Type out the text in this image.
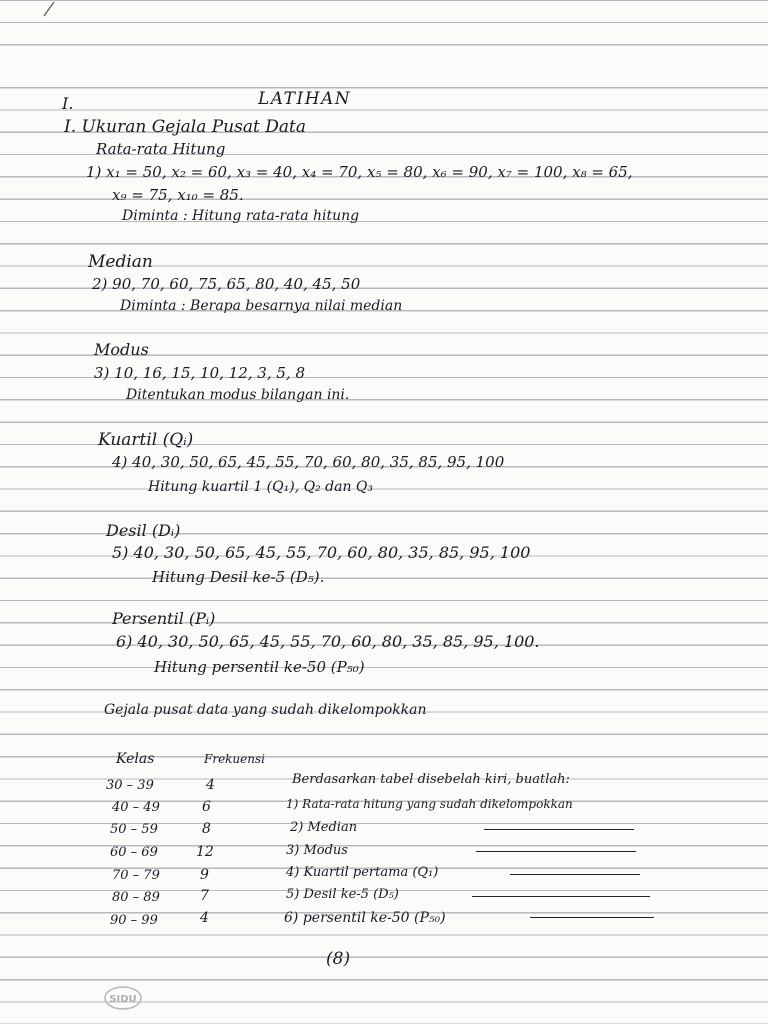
I.	LATIHAN
I. Ukuran Gejala Pusat Data
Rata-rata Hitung
1) x₁ = 50, x₂ = 60, x₃ = 40, x₄ = 70, x₅ = 80, x₆ = 90, x₇ = 100, x₈ = 65,
x₉ = 75, x₁₀ = 85.
Diminta : Hitung rata-rata hitung
Median
2) 90, 70, 60, 75, 65, 80, 40, 45, 50
Diminta : Berapa besarnya nilai median
Modus
3) 10, 16, 15, 10, 12, 3, 5, 8
Ditentukan modus bilangan ini.
Kuartil (Qᵢ)
4) 40, 30, 50, 65, 45, 55, 70, 60, 80, 35, 85, 95, 100
Hitung kuartil 1 (Q₁), Q₂ dan Q₃
Desil (Dᵢ)
5) 40, 30, 50, 65, 45, 55, 70, 60, 80, 35, 85, 95, 100
Hitung Desil ke-5 (D₅).
Persentil (Pᵢ)
6) 40, 30, 50, 65, 45, 55, 70, 60, 80, 35, 85, 95, 100.
Hitung persentil ke-50 (P₅₀)
Gejala pusat data yang sudah dikelompokkan
Kelas	Frekuensi
30 – 39	4
40 – 49	6
50 – 59	8
60 – 69	12
70 – 79	9
80 – 89	7
90 – 99	4
Berdasarkan tabel disebelah kiri, buatlah:
1) Rata-rata hitung yang sudah dikelompokkan
2) Median
3) Modus
4) Kuartil pertama (Q₁)
5) Desil ke-5 (D₅)
6) persentil ke-50 (P₅₀)
(8)
SIDU
